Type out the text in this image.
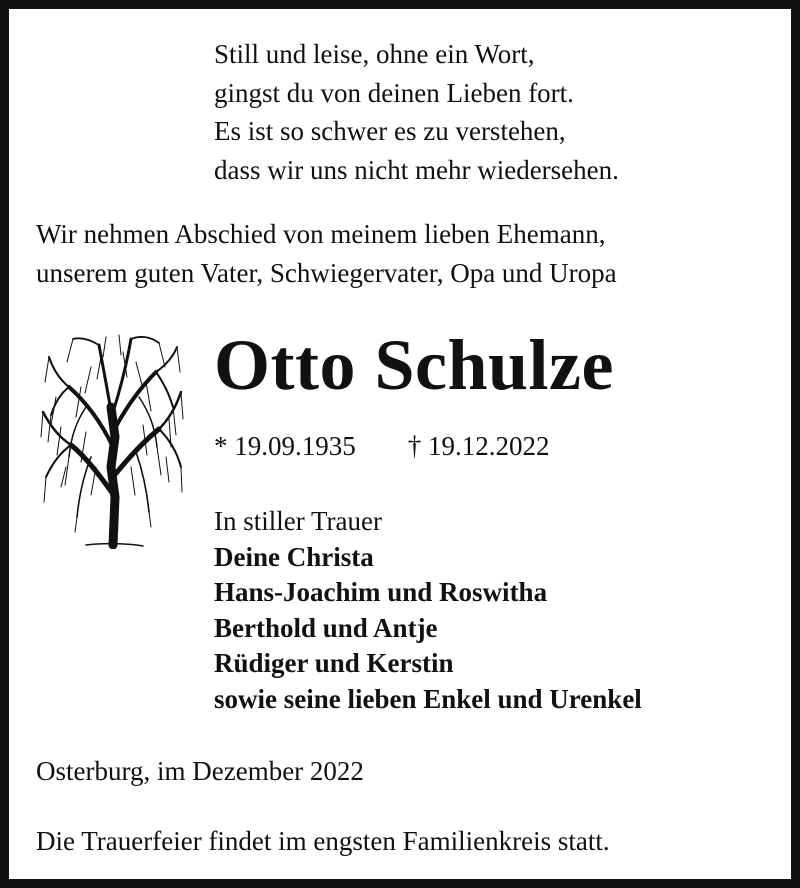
Still und leise, ohne ein Wort,
gingst du von deinen Lieben fort.
Es ist so schwer es zu verstehen,
dass wir uns nicht mehr wiedersehen.
Wir nehmen Abschied von meinem lieben Ehemann,
unserem guten Vater, Schwiegervater, Opa und Uropa
Otto Schulze
* 19.09.1935 † 19.12.2022
In stiller Trauer
Deine Christa
Hans-Joachim und Roswitha
Berthold und Antje
Rüdiger und Kerstin
sowie seine lieben Enkel und Urenkel
Osterburg, im Dezember 2022
Die Trauerfeier findet im engsten Familienkreis statt.
